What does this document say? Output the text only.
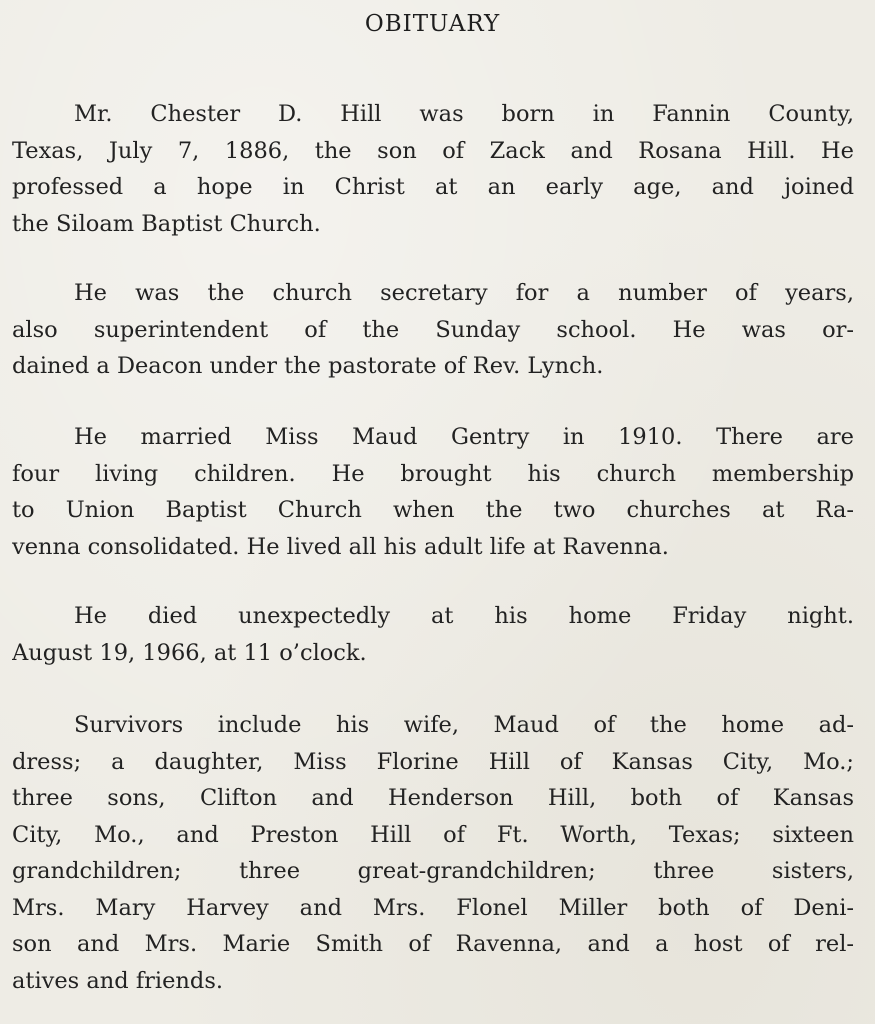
OBITUARY
Mr. Chester D. Hill was born in Fannin County,
Texas, July 7, 1886, the son of Zack and Rosana Hill. He
professed a hope in Christ at an early age, and joined
the Siloam Baptist Church.
He was the church secretary for a number of years,
also superintendent of the Sunday school. He was or-
dained a Deacon under the pastorate of Rev. Lynch.
He married Miss Maud Gentry in 1910. There are
four living children. He brought his church membership
to Union Baptist Church when the two churches at Ra-
venna consolidated. He lived all his adult life at Ravenna.
He died unexpectedly at his home Friday night.
August 19, 1966, at 11 o’clock.
Survivors include his wife, Maud of the home ad-
dress; a daughter, Miss Florine Hill of Kansas City, Mo.;
three sons, Clifton and Henderson Hill, both of Kansas
City, Mo., and Preston Hill of Ft. Worth, Texas; sixteen
grandchildren; three great-grandchildren; three sisters,
Mrs. Mary Harvey and Mrs. Flonel Miller both of Deni-
son and Mrs. Marie Smith of Ravenna, and a host of rel-
atives and friends.
